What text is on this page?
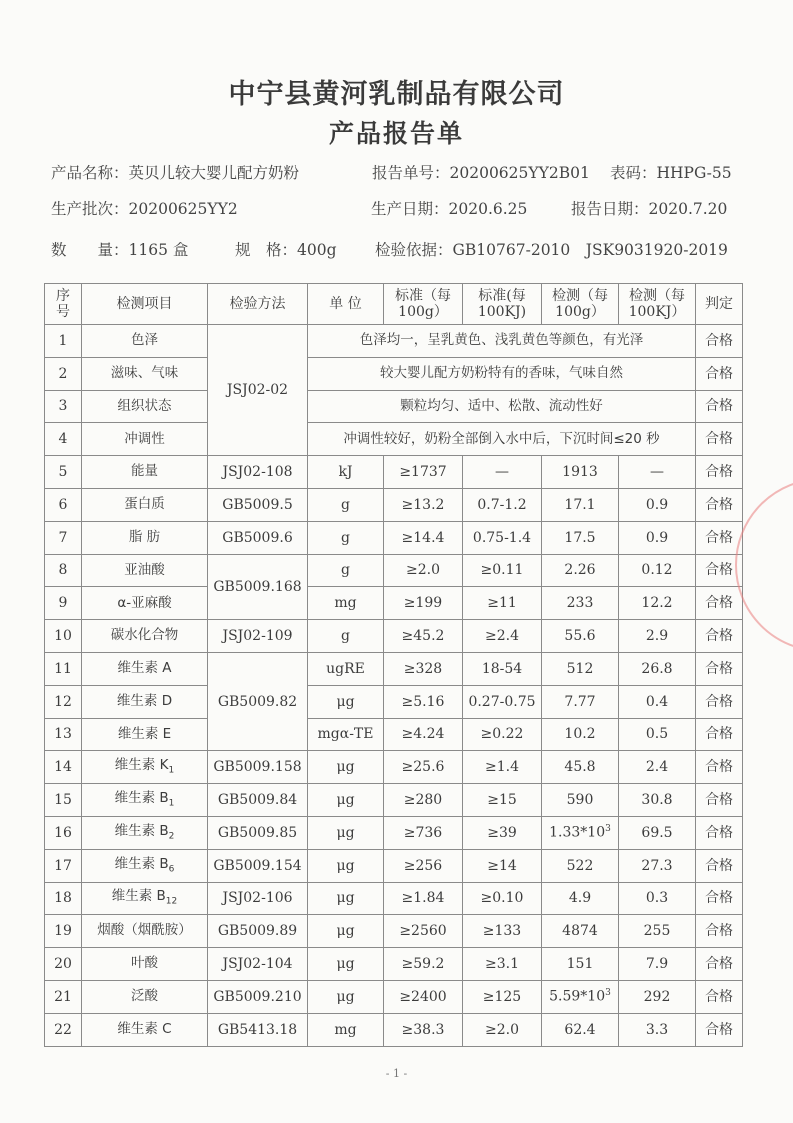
中宁县黄河乳制品有限公司
产品报告单
产品名称：英贝儿较大婴儿配方奶粉	报告单号：20200625YY2B01 表码：HHPG-55
生产批次：20200625YY2	生产日期：2020.6.25	报告日期：2020.7.20
数　　量：1165 盒	规　格：400g 检验依据：GB10767-2010　JSK9031920-2019
序
号	检测项目	检验方法	单 位	标准（每
100g）	标准(每
100KJ)	检测（每
100g）	检测（每
100KJ）	判定
1	色泽	JSJ02-02	色泽均一，呈乳黄色、浅乳黄色等颜色，有光泽					合格
2	滋味、气味		较大婴儿配方奶粉特有的香味，气味自然					合格
3	组织状态		颗粒均匀、适中、松散、流动性好					合格
4	冲调性		冲调性较好，奶粉全部倒入水中后，下沉时间≤20 秒					合格
5	能量	JSJ02-108	kJ	≥1737	—	1913	—	合格
6	蛋白质	GB5009.5	g	≥13.2	0.7-1.2	17.1	0.9	合格
7	脂 肪	GB5009.6	g	≥14.4	0.75-1.4	17.5	0.9	合格
8	亚油酸	GB5009.168	g	≥2.0	≥0.11	2.26	0.12	合格
9	α-亚麻酸		mg	≥199	≥11	233	12.2	合格
10	碳水化合物	JSJ02-109	g	≥45.2	≥2.4	55.6	2.9	合格
11	维生素 A	GB5009.82	ugRE	≥328	18-54	512	26.8	合格
12	维生素 D		μg	≥5.16	0.27-0.75	7.77	0.4	合格
13	维生素 E		mgα-TE	≥4.24	≥0.22	10.2	0.5	合格
14	维生素 $K_1$	GB5009.158	μg	≥25.6	≥1.4	45.8	2.4	合格
15	维生素 $B_1$	GB5009.84	μg	≥280	≥15	590	30.8	合格
16	维生素 $B_2$	GB5009.85	μg	≥736	≥39	$1.33*10^3$	69.5	合格
17	维生素 $B_6$	GB5009.154	μg	≥256	≥14	522	27.3	合格
18	维生素 $B_{12}$	JSJ02-106	μg	≥1.84	≥0.10	4.9	0.3	合格
19	烟酸（烟酰胺）	GB5009.89	μg	≥2560	≥133	4874	255	合格
20	叶酸	JSJ02-104	μg	≥59.2	≥3.1	151	7.9	合格
21	泛酸	GB5009.210	μg	≥2400	≥125	$5.59*10^3$	292	合格
22	维生素 C	GB5413.18	mg	≥38.3	≥2.0	62.4	3.3	合格
- 1 -
